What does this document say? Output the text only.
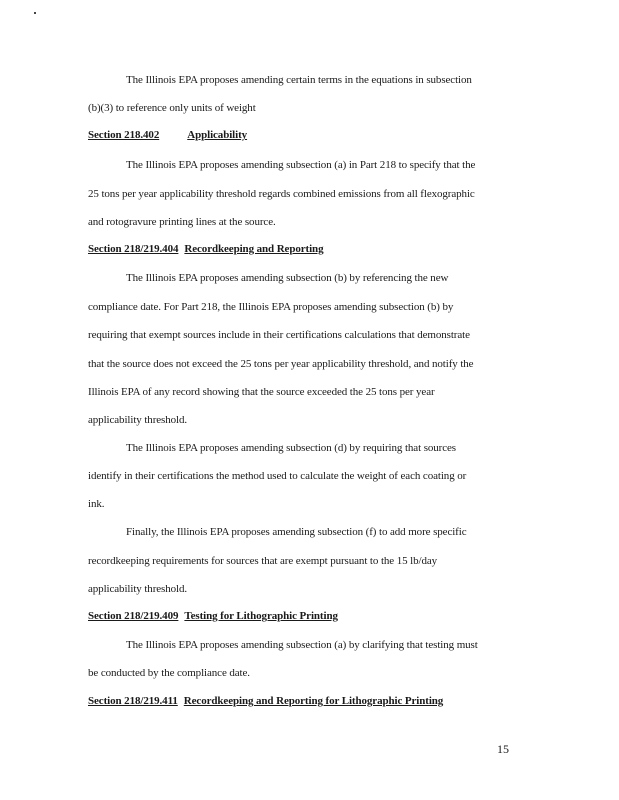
The Illinois EPA proposes amending certain terms in the equations in subsection
(b)(3) to reference only units of weight
Section 218.402	Applicability
The Illinois EPA proposes amending subsection (a) in Part 218 to specify that the
25 tons per year applicability threshold regards combined emissions from all flexographic
and rotogravure printing lines at the source.
Section 218/219.404 Recordkeeping and Reporting
The Illinois EPA proposes amending subsection (b) by referencing the new
compliance date. For Part 218, the Illinois EPA proposes amending subsection (b) by
requiring that exempt sources include in their certifications calculations that demonstrate
that the source does not exceed the 25 tons per year applicability threshold, and notify the
Illinois EPA of any record showing that the source exceeded the 25 tons per year
applicability threshold.
The Illinois EPA proposes amending subsection (d) by requiring that sources
identify in their certifications the method used to calculate the weight of each coating or
ink.
Finally, the Illinois EPA proposes amending subsection (f) to add more specific
recordkeeping requirements for sources that are exempt pursuant to the 15 lb/day
applicability threshold.
Section 218/219.409 Testing for Lithographic Printing
The Illinois EPA proposes amending subsection (a) by clarifying that testing must
be conducted by the compliance date.
Section 218/219.411 Recordkeeping and Reporting for Lithographic Printing
15
